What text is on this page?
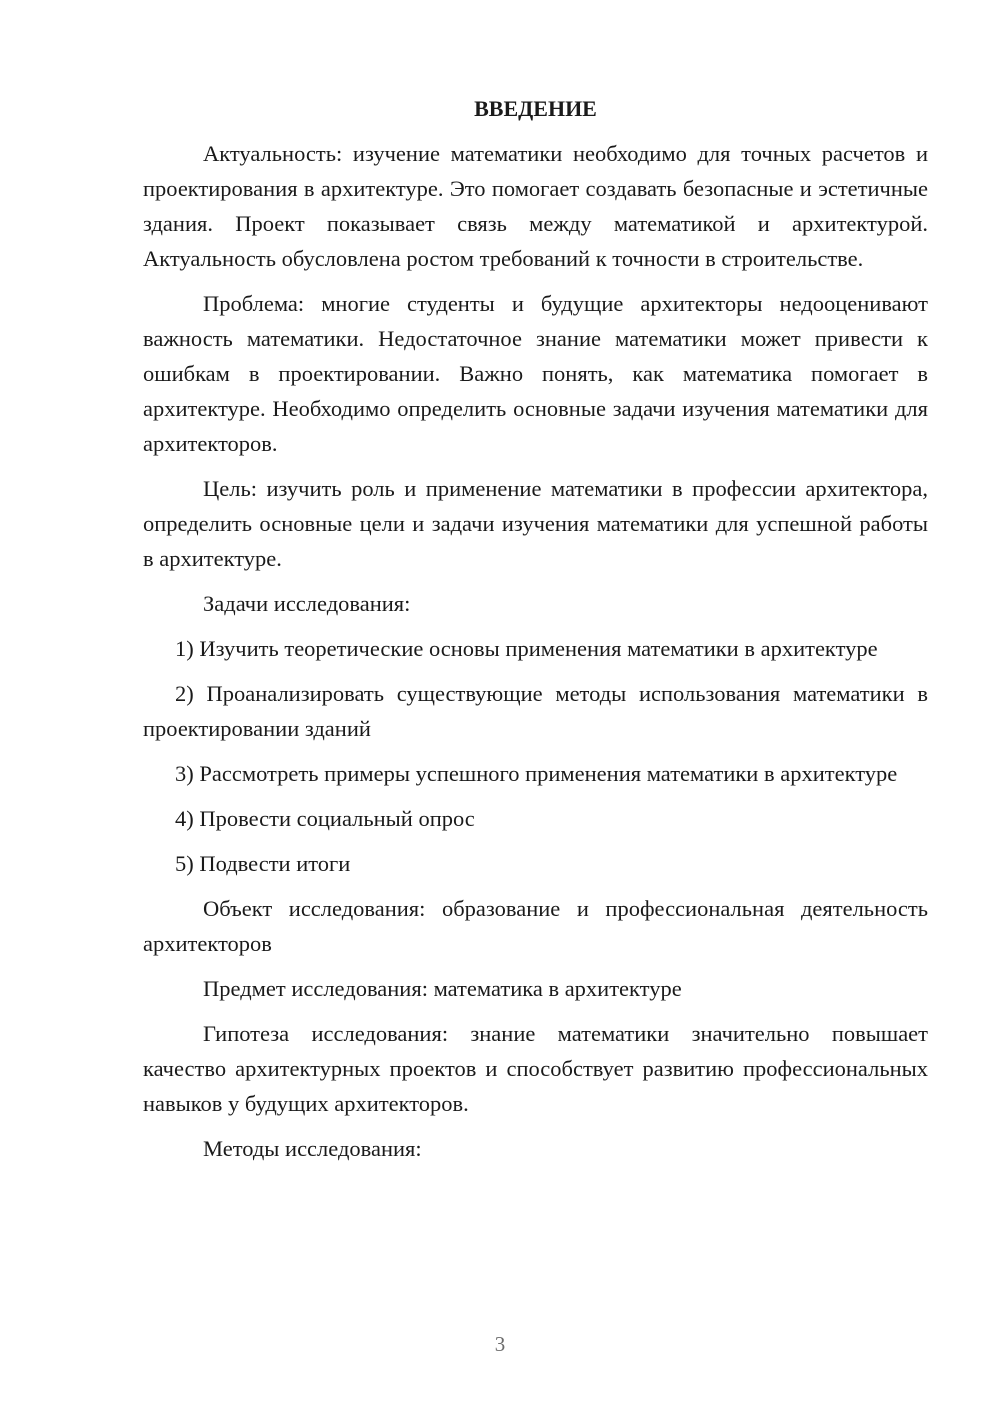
ВВЕДЕНИЕ

Актуальность: изучение математики необходимо для точных расчетов и проектирования в архитектуре. Это помогает создавать безопасные и эстетичные здания. Проект показывает связь между математикой и архитектурой. Актуальность обусловлена ростом требований к точности в строительстве.

Проблема: многие студенты и будущие архитекторы недооценивают важность математики. Недостаточное знание математики может привести к ошибкам в проектировании. Важно понять, как математика помогает в архитектуре. Необходимо определить основные задачи изучения математики для архитекторов.

Цель: изучить роль и применение математики в профессии архитектора, определить основные цели и задачи изучения математики для успешной работы в архитектуре.

Задачи исследования:

1) Изучить теоретические основы применения математики в архитектуре

2) Проанализировать существующие методы использования математики в проектировании зданий

3) Рассмотреть примеры успешного применения математики в архитектуре

4) Провести социальный опрос

5) Подвести итоги

Объект исследования: образование и профессиональная деятельность архитекторов

Предмет исследования: математика в архитектуре

Гипотеза исследования: знание математики значительно повышает качество архитектурных проектов и способствует развитию профессиональных навыков у будущих архитекторов.

Методы исследования:

3
